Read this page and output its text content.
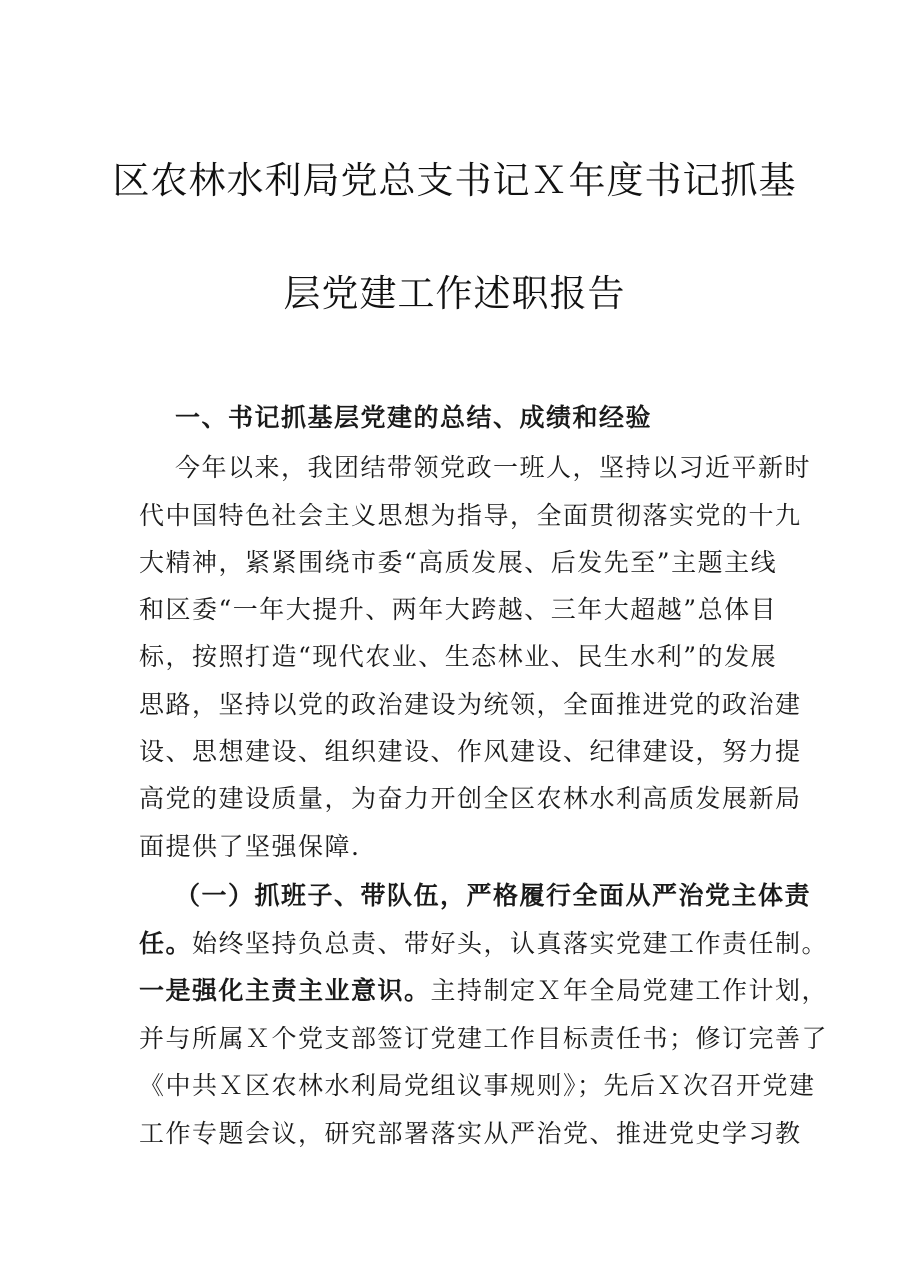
区农林水利局党总支书记Ｘ年度书记抓基
层党建工作述职报告
一、书记抓基层党建的总结、成绩和经验
今年以来，我团结带领党政一班人，坚持以习近平新时
代中国特色社会主义思想为指导，全面贯彻落实党的十九
大精神，紧紧围绕市委“高质发展、后发先至”主题主线
和区委“一年大提升、两年大跨越、三年大超越”总体目
标，按照打造“现代农业、生态林业、民生水利”的发展
思路，坚持以党的政治建设为统领，全面推进党的政治建
设、思想建设、组织建设、作风建设、纪律建设，努力提
高党的建设质量，为奋力开创全区农林水利高质发展新局
面提供了坚强保障.
（一）抓班子、带队伍，严格履行全面从严治党主体责
任。始终坚持负总责、带好头，认真落实党建工作责任制。
一是强化主责主业意识。主持制定Ｘ年全局党建工作计划，
并与所属Ｘ个党支部签订党建工作目标责任书；修订完善了
《中共Ｘ区农林水利局党组议事规则》；先后Ｘ次召开党建
工作专题会议，研究部署落实从严治党、推进党史学习教
